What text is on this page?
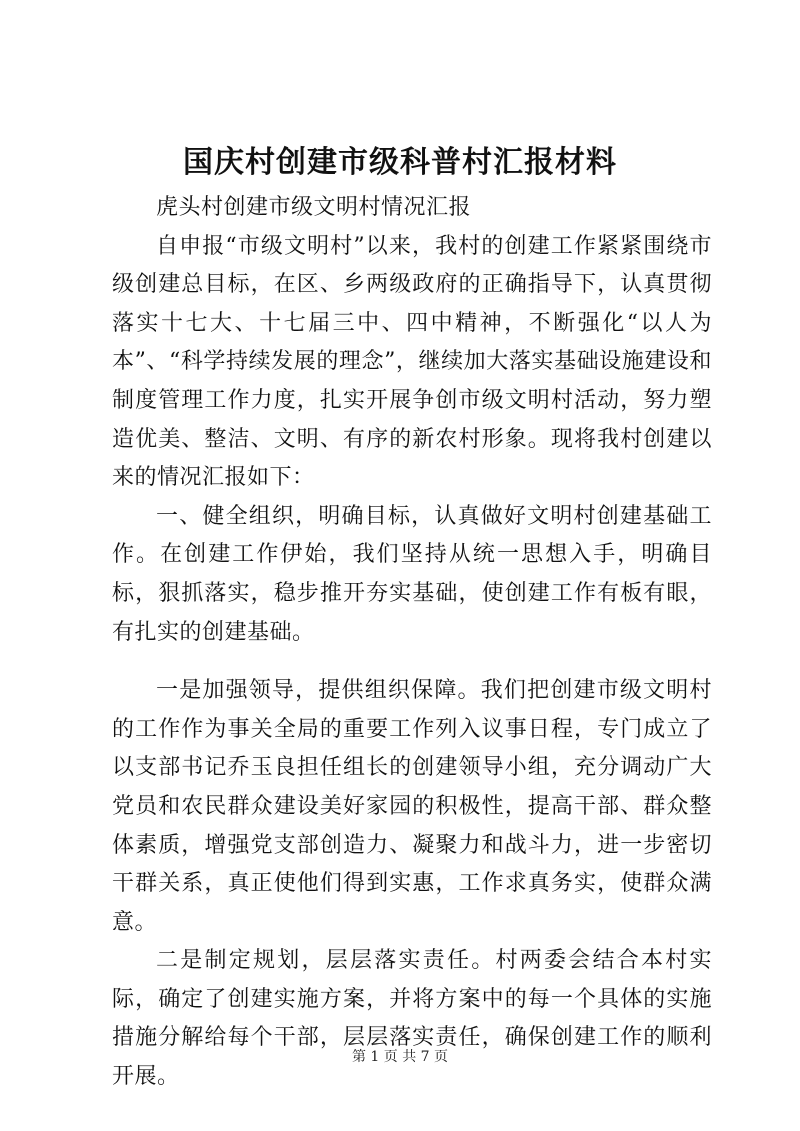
国庆村创建市级科普村汇报材料

虎头村创建市级文明村情况汇报

自申报“市级文明村”以来，我村的创建工作紧紧围绕市级创建总目标，在区、乡两级政府的正确指导下，认真贯彻落实十七大、十七届三中、四中精神，不断强化“以人为本”、“科学持续发展的理念”，继续加大落实基础设施建设和制度管理工作力度，扎实开展争创市级文明村活动，努力塑造优美、整洁、文明、有序的新农村形象。现将我村创建以来的情况汇报如下：

一、健全组织，明确目标，认真做好文明村创建基础工作。在创建工作伊始，我们坚持从统一思想入手，明确目标，狠抓落实，稳步推开夯实基础，使创建工作有板有眼，有扎实的创建基础。

一是加强领导，提供组织保障。我们把创建市级文明村的工作作为事关全局的重要工作列入议事日程，专门成立了以支部书记乔玉良担任组长的创建领导小组，充分调动广大党员和农民群众建设美好家园的积极性，提高干部、群众整体素质，增强党支部创造力、凝聚力和战斗力，进一步密切干群关系，真正使他们得到实惠，工作求真务实，使群众满意。

二是制定规划，层层落实责任。村两委会结合本村实际，确定了创建实施方案，并将方案中的每一个具体的实施措施分解给每个干部，层层落实责任，确保创建工作的顺利开展。

第 1 页 共 7 页
